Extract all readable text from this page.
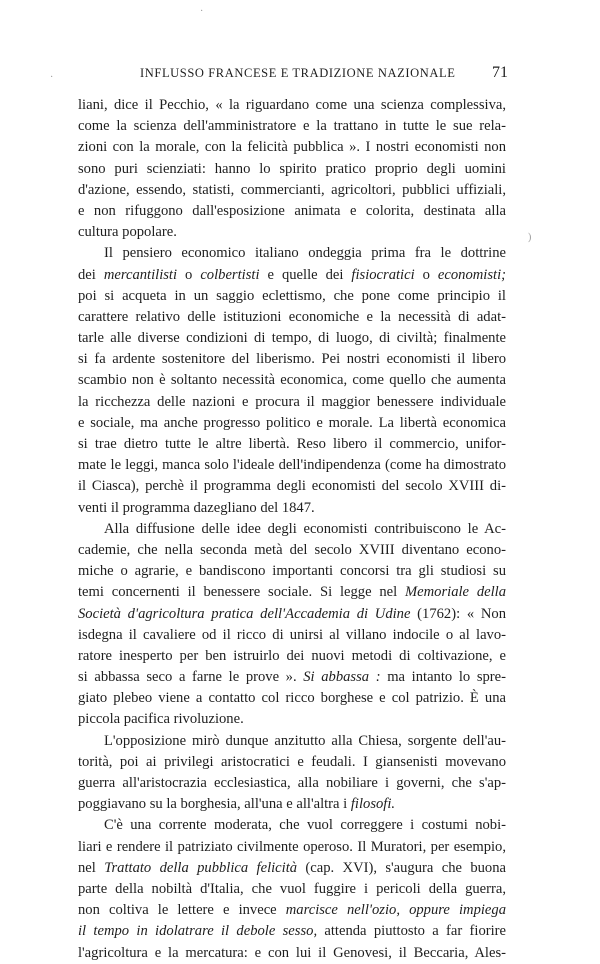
INFLUSSO FRANCESE E TRADIZIONE NAZIONALE 71
·
·
)
liani, dice il Pecchio, « la riguardano come una scienza complessiva,
come la scienza dell'amministratore e la trattano in tutte le sue rela-
zioni con la morale, con la felicità pubblica ». I nostri economisti non
sono puri scienziati: hanno lo spirito pratico proprio degli uomini
d'azione, essendo, statisti, commercianti, agricoltori, pubblici uffiziali,
e non rifuggono dall'esposizione animata e colorita, destinata alla
cultura popolare.
Il pensiero economico italiano ondeggia prima fra le dottrine
dei mercantilisti o colbertisti e quelle dei fisiocratici o economisti;
poi si acqueta in un saggio eclettismo, che pone come principio il
carattere relativo delle istituzioni economiche e la necessità di adat-
tarle alle diverse condizioni di tempo, di luogo, di civiltà; finalmente
si fa ardente sostenitore del liberismo. Pei nostri economisti il libero
scambio non è soltanto necessità economica, come quello che aumenta
la ricchezza delle nazioni e procura il maggior benessere individuale
e sociale, ma anche progresso politico e morale. La libertà economica
si trae dietro tutte le altre libertà. Reso libero il commercio, unifor-
mate le leggi, manca solo l'ideale dell'indipendenza (come ha dimostrato
il Ciasca), perchè il programma degli economisti del secolo XVIII di-
venti il programma dazegliano del 1847.
Alla diffusione delle idee degli economisti contribuiscono le Ac-
cademie, che nella seconda metà del secolo XVIII diventano econo-
miche o agrarie, e bandiscono importanti concorsi tra gli studiosi su
temi concernenti il benessere sociale. Si legge nel Memoriale della
Società d'agricoltura pratica dell'Accademia di Udine (1762): « Non
isdegna il cavaliere od il ricco di unirsi al villano indocile o al lavo-
ratore inesperto per ben istruirlo dei nuovi metodi di coltivazione, e
si abbassa seco a farne le prove ». Si abbassa : ma intanto lo spre-
giato plebeo viene a contatto col ricco borghese e col patrizio. È una
piccola pacifica rivoluzione.
L'opposizione mirò dunque anzitutto alla Chiesa, sorgente dell'au-
torità, poi ai privilegi aristocratici e feudali. I giansenisti movevano
guerra all'aristocrazia ecclesiastica, alla nobiliare i governi, che s'ap-
poggiavano su la borghesia, all'una e all'altra i filosofi.
C'è una corrente moderata, che vuol correggere i costumi nobi-
liari e rendere il patriziato civilmente operoso. Il Muratori, per esempio,
nel Trattato della pubblica felicità (cap. XVI), s'augura che buona
parte della nobiltà d'Italia, che vuol fuggire i pericoli della guerra,
non coltiva le lettere e invece marcisce nell'ozio, oppure impiega
il tempo in idolatrare il debole sesso, attenda piuttosto a far fiorire
l'agricoltura e la mercatura: e con lui il Genovesi, il Beccaria, Ales-
